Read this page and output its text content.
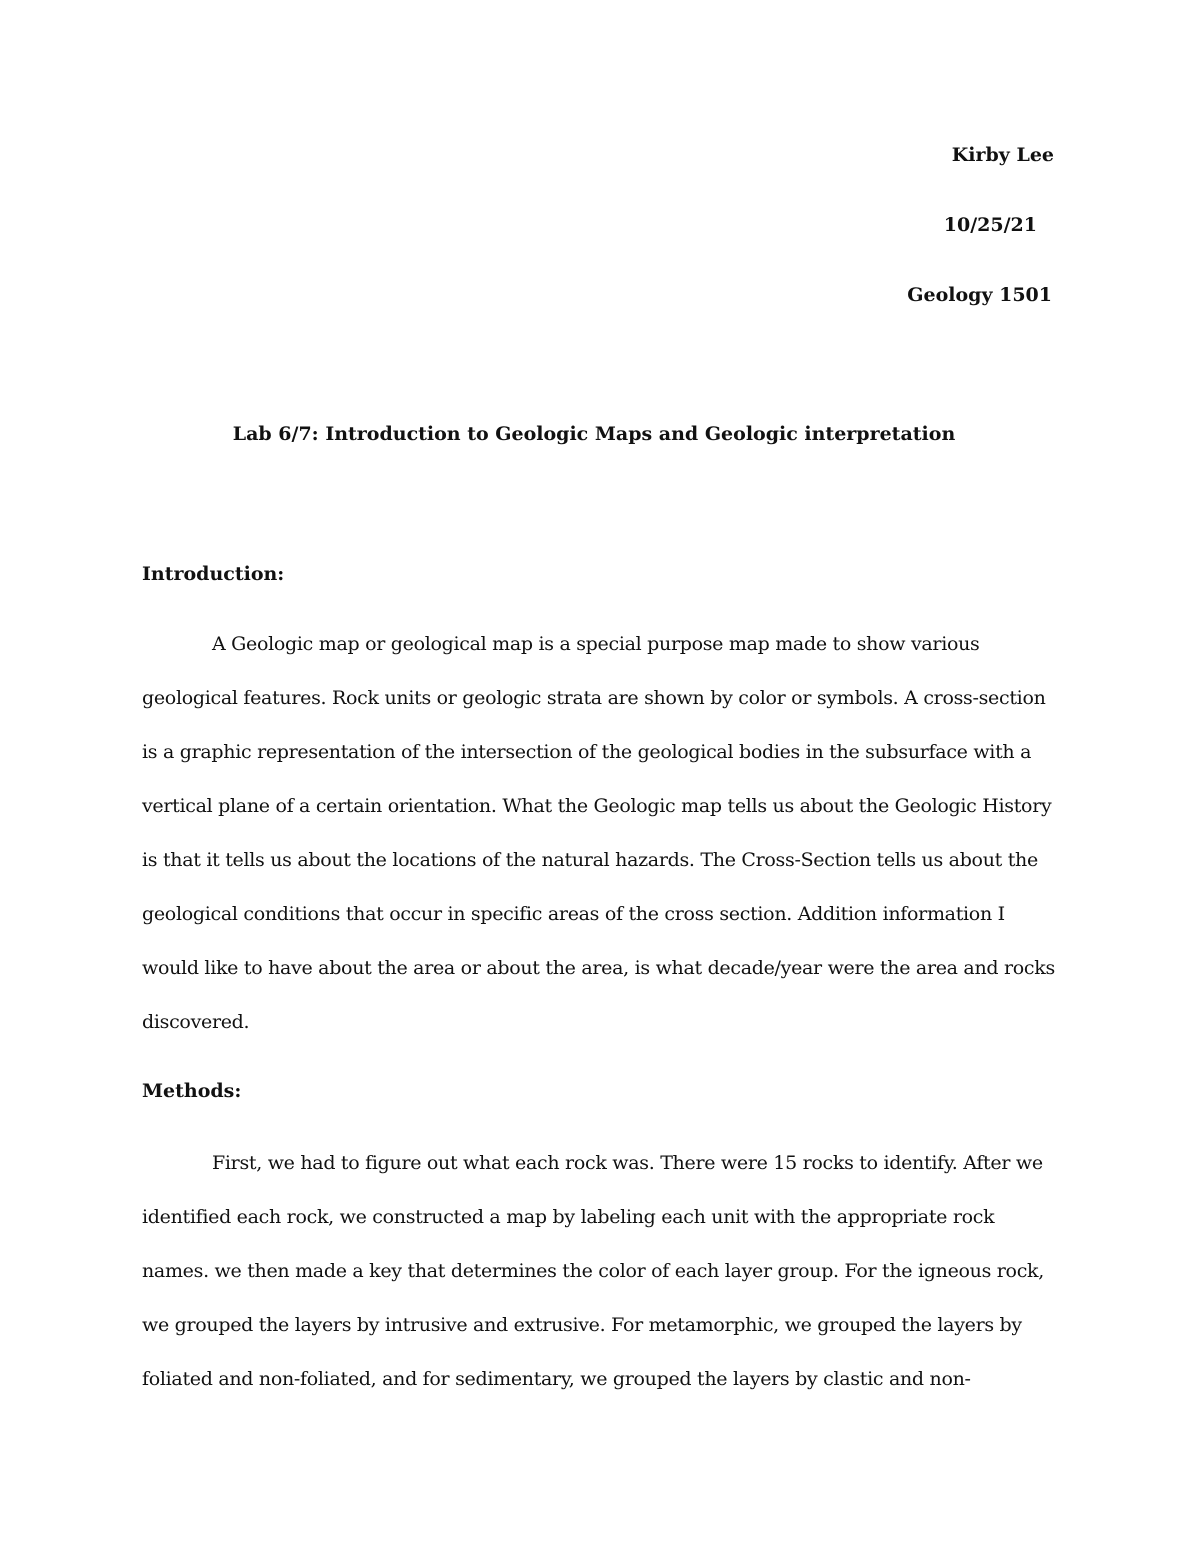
Kirby Lee
10/25/21
Geology 1501
Lab 6/7: Introduction to Geologic Maps and Geologic interpretation
Introduction:
A Geologic map or geological map is a special purpose map made to show various
geological features. Rock units or geologic strata are shown by color or symbols. A cross-section
is a graphic representation of the intersection of the geological bodies in the subsurface with a
vertical plane of a certain orientation. What the Geologic map tells us about the Geologic History
is that it tells us about the locations of the natural hazards. The Cross-Section tells us about the
geological conditions that occur in specific areas of the cross section. Addition information I
would like to have about the area or about the area, is what decade/year were the area and rocks
discovered.
Methods:
First, we had to figure out what each rock was. There were 15 rocks to identify. After we
identified each rock, we constructed a map by labeling each unit with the appropriate rock
names. we then made a key that determines the color of each layer group. For the igneous rock,
we grouped the layers by intrusive and extrusive. For metamorphic, we grouped the layers by
foliated and non-foliated, and for sedimentary, we grouped the layers by clastic and non-
